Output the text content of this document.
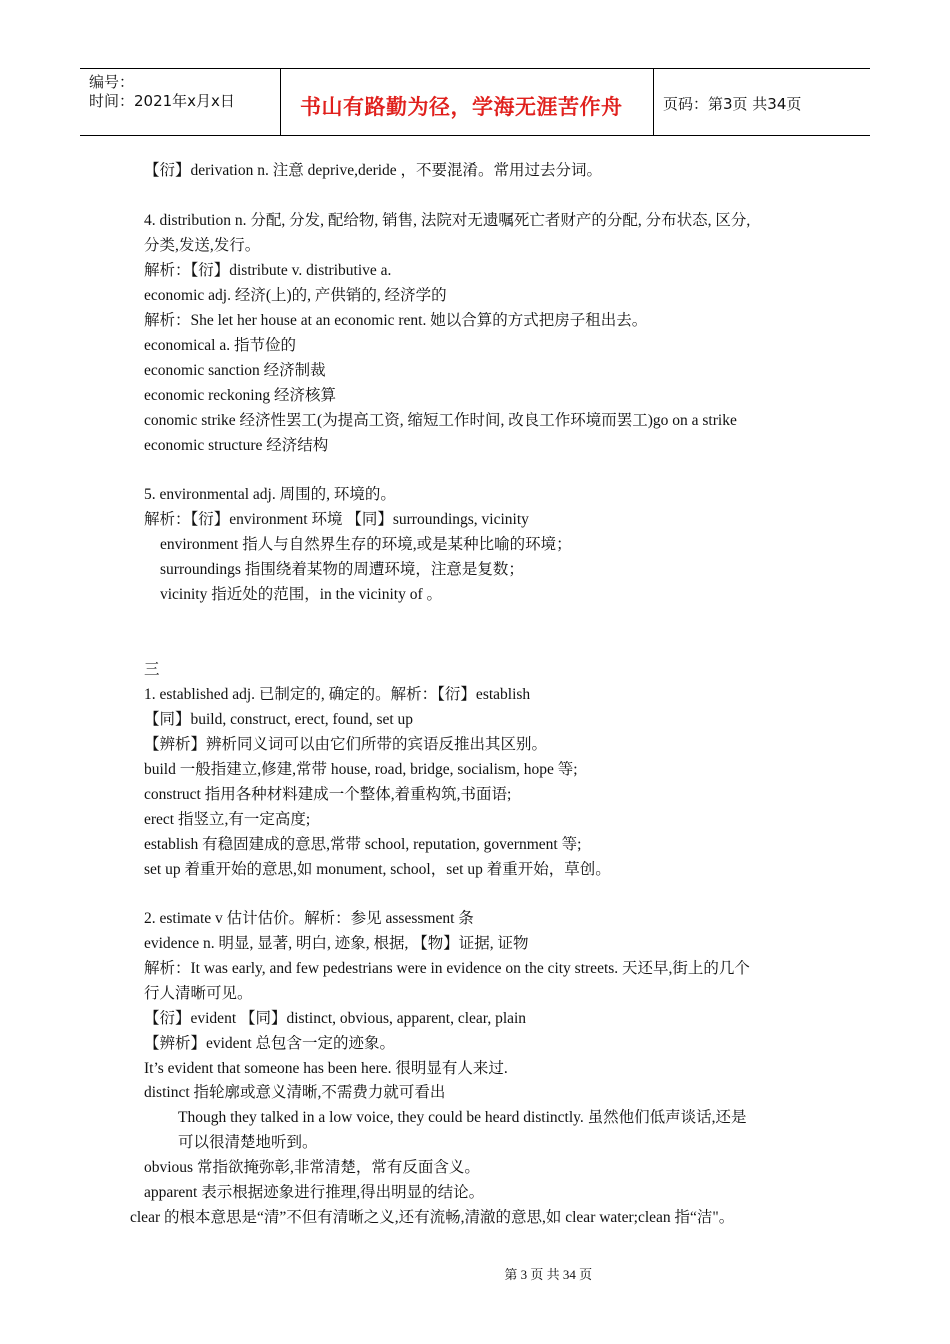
编号：
时间：2021年x月x日	书山有路勤为径，学海无涯苦作舟	页码：第3页 共34页
【衍】derivation n. 注意 deprive,deride ，不要混淆。常用过去分词。
4. distribution n. 分配, 分发, 配给物, 销售, 法院对无遗嘱死亡者财产的分配, 分布状态, 区分,
分类,发送,发行。
解析：【衍】distribute v. distributive a.
economic adj. 经济(上)的, 产供销的, 经济学的
解析：She let her house at an economic rent. 她以合算的方式把房子租出去。
economical a. 指节俭的
economic sanction 经济制裁
economic reckoning 经济核算
conomic strike 经济性罢工(为提高工资, 缩短工作时间, 改良工作环境而罢工)go on a strike
economic structure 经济结构
5. environmental adj. 周围的, 环境的。
解析：【衍】environment 环境 【同】surroundings, vicinity
environment 指人与自然界生存的环境,或是某种比喻的环境；
surroundings 指围绕着某物的周遭环境，注意是复数；
vicinity 指近处的范围，in the vicinity of 。
三
1. established adj. 已制定的, 确定的。解析：【衍】establish
【同】build, construct, erect, found, set up
【辨析】辨析同义词可以由它们所带的宾语反推出其区别。
build 一般指建立,修建,常带 house, road, bridge, socialism, hope 等;
construct 指用各种材料建成一个整体,着重构筑,书面语;
erect 指竖立,有一定高度;
establish 有稳固建成的意思,常带 school, reputation, government 等;
set up 着重开始的意思,如 monument, school，set up 着重开始，草创。
2. estimate v 估计估价。解析：参见 assessment 条
evidence n. 明显, 显著, 明白, 迹象, 根据, 【物】证据, 证物
解析：It was early, and few pedestrians were in evidence on the city streets. 天还早,街上的几个
行人清晰可见。
【衍】evident 【同】distinct, obvious, apparent, clear, plain
【辨析】evident 总包含一定的迹象。
It’s evident that someone has been here. 很明显有人来过.
distinct 指轮廓或意义清晰,不需费力就可看出
Though they talked in a low voice, they could be heard distinctly. 虽然他们低声谈话,还是
可以很清楚地听到。
obvious 常指欲掩弥彰,非常清楚，常有反面含义。
apparent 表示根据迹象进行推理,得出明显的结论。
clear 的根本意思是“清”不但有清晰之义,还有流畅,清澈的意思,如 clear water;clean 指“洁"。

第 3 页 共 34 页
